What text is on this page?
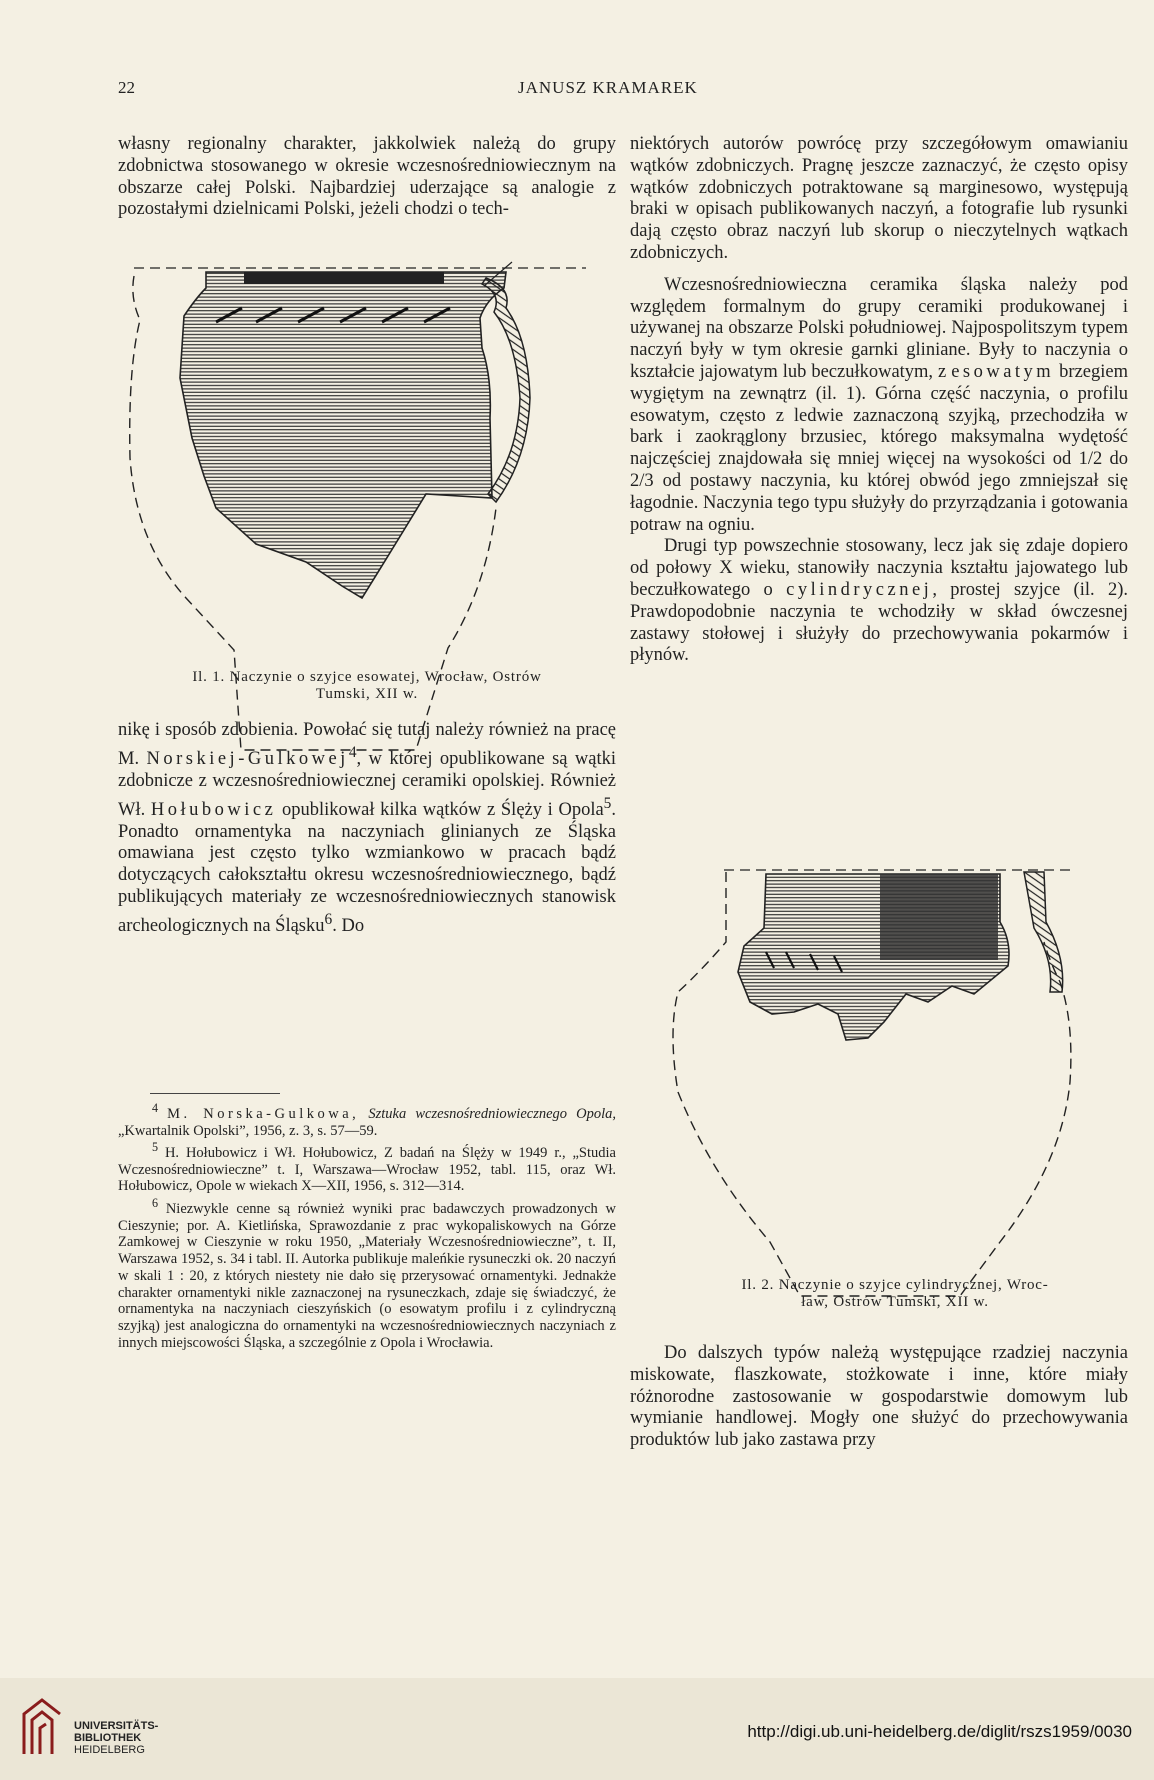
22	JANUSZ KRAMAREK

własny regionalny charakter, jakkolwiek należą do grupy zdobnictwa stosowanego w okresie wczesnośredniowiecznym na obszarze całej Polski. Najbardziej uderzające są analogie z pozostałymi dzielnicami Polski, jeżeli chodzi o tech-

Il. 1. Naczynie o szyjce esowatej, Wrocław, Ostrów
Tumski, XII w.

nikę i sposób zdobienia. Powołać się tutaj należy również na pracę M. Norskiej-Gulkowej$^4$, w której opublikowane są wątki zdobnicze z wczesnośredniowiecznej ceramiki opolskiej. Również Wł. Hołubowicz opublikował kilka wątków z Ślęży i Opola$^5$. Ponadto ornamentyka na naczyniach glinianych ze Śląska omawiana jest często tylko wzmiankowo w pracach bądź dotyczących całokształtu okresu wczesnośredniowiecznego, bądź publikujących materiały ze wczesnośredniowiecznych stanowisk archeologicznych na Śląsku$^6$. Do

$^4$ M. Norska-Gulkowa, Sztuka wczesnośredniowiecznego Opola, „Kwartalnik Opolski”, 1956, z. 3, s. 57—59.

$^5$ H. Hołubowicz i Wł. Hołubowicz, Z badań na Ślęży w 1949 r., „Studia Wczesnośredniowieczne” t. I, Warszawa—Wrocław 1952, tabl. 115, oraz Wł. Hołubowicz, Opole w wiekach X—XII, 1956, s. 312—314.

$^6$ Niezwykle cenne są również wyniki prac badawczych prowadzonych w Cieszynie; por. A. Kietlińska, Sprawozdanie z prac wykopaliskowych na Górze Zamkowej w Cieszynie w roku 1950, „Materiały Wczesnośredniowieczne”, t. II, Warszawa 1952, s. 34 i tabl. II. Autorka publikuje maleńkie rysuneczki ok. 20 naczyń w skali 1 : 20, z których niestety nie dało się przerysować ornamentyki. Jednakże charakter ornamentyki nikle zaznaczonej na rysuneczkach, zdaje się świadczyć, że ornamentyka na naczyniach cieszyńskich (o esowatym profilu i z cylindryczną szyjką) jest analogiczna do ornamentyki na wczesnośredniowiecznych naczyniach z innych miejscowości Śląska, a szczególnie z Opola i Wrocławia.

niektórych autorów powrócę przy szczegółowym omawianiu wątków zdobniczych. Pragnę jeszcze zaznaczyć, że często opisy wątków zdobniczych potraktowane są marginesowo, występują braki w opisach publikowanych naczyń, a fotografie lub rysunki dają często obraz naczyń lub skorup o nieczytelnych wątkach zdobniczych.

Wczesnośredniowieczna ceramika śląska należy pod względem formalnym do grupy ceramiki produkowanej i używanej na obszarze Polski południowej. Najpospolitszym typem naczyń były w tym okresie garnki gliniane. Były to naczynia o kształcie jajowatym lub beczułkowatym, z esowatym brzegiem wygiętym na zewnątrz (il. 1). Górna część naczynia, o profilu esowatym, często z ledwie zaznaczoną szyjką, przechodziła w bark i zaokrąglony brzusiec, którego maksymalna wydętość najczęściej znajdowała się mniej więcej na wysokości od 1/2 do 2/3 od postawy naczynia, ku której obwód jego zmniejszał się łagodnie. Naczynia tego typu służyły do przyrządzania i gotowania potraw na ogniu.

Drugi typ powszechnie stosowany, lecz jak się zdaje dopiero od połowy X wieku, stanowiły naczynia kształtu jajowatego lub beczułkowatego o cylindrycznej, prostej szyjce (il. 2). Prawdopodobnie naczynia te wchodziły w skład ówczesnej zastawy stołowej i służyły do przechowywania pokarmów i płynów.

Il. 2. Naczynie o szyjce cylindrycznej, Wroc-
ław, Ostrów Tumski, XII w.

Do dalszych typów należą występujące rzadziej naczynia miskowate, flaszkowate, stożkowate i inne, które miały różnorodne zastosowanie w gospodarstwie domowym lub wymianie handlowej. Mogły one służyć do przechowywania produktów lub jako zastawa przy

UNIVERSITÄTS-
BIBLIOTHEK
HEIDELBERG
http://digi.ub.uni-heidelberg.de/diglit/rszs1959/0030
